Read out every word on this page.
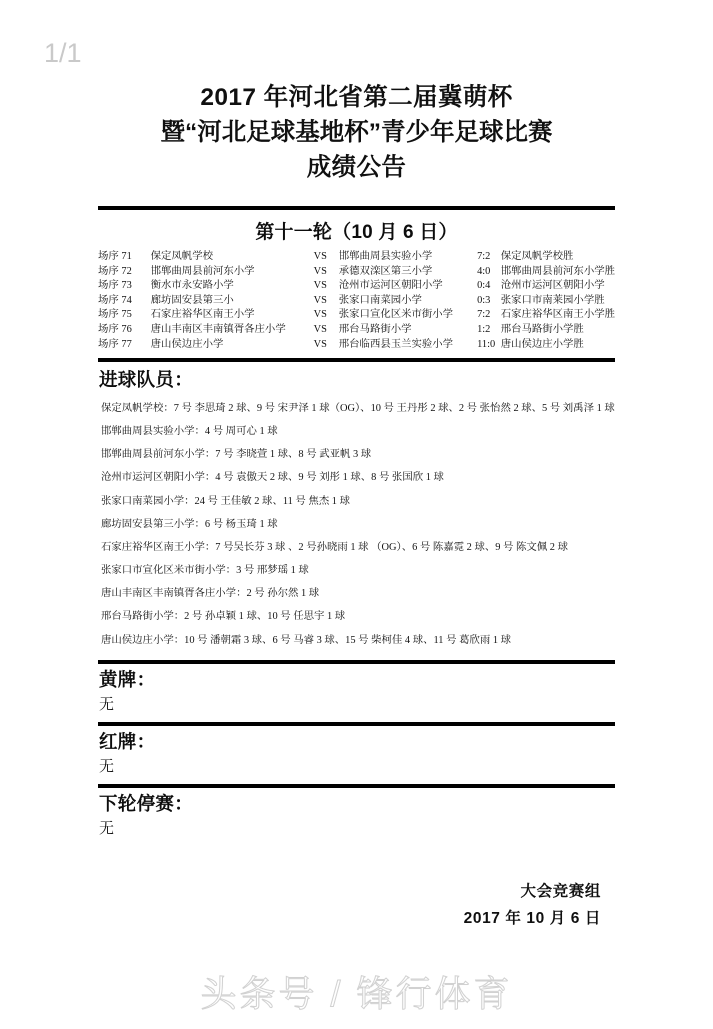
1/1
2017 年河北省第二届冀萌杯
暨“河北足球基地杯”青少年足球比赛
成绩公告
第十一轮（10 月 6 日）
场序 71	保定凤帆学校	VS	邯郸曲周县实验小学	7:2	保定凤帆学校胜
场序 72	邯郸曲周县前河东小学	VS	承德双滦区第三小学	4:0	邯郸曲周县前河东小学胜
场序 73	衡水市永安路小学	VS	沧州市运河区朝阳小学	0:4	沧州市运河区朝阳小学
场序 74	廊坊固安县第三小	VS	张家口南菜园小学	0:3	张家口市南莱园小学胜
场序 75	石家庄裕华区南王小学	VS	张家口宣化区米市街小学	7:2	石家庄裕华区南王小学胜
场序 76	唐山丰南区丰南镇胥各庄小学	VS	邢台马路街小学	1:2	邢台马路街小学胜
场序 77	唐山侯边庄小学	VS	邢台临西县玉兰实验小学	11:0	唐山侯边庄小学胜
进球队员：
保定凤帆学校：7 号 李思琦 2 球、9 号 宋尹泽 1 球（OG）、10 号 王丹彤 2 球、2 号 张怡然 2 球、5 号 刘禹泽 1 球
邯郸曲周县实验小学：4 号 周可心 1 球
邯郸曲周县前河东小学：7 号 李晓萱 1 球、8 号 武亚帆 3 球
沧州市运河区朝阳小学：4 号 袁傲天 2 球、9 号 刘彤 1 球、8 号 张国欣 1 球
张家口南菜园小学：24 号 王佳敏 2 球、11 号 焦杰 1 球
廊坊固安县第三小学：6 号 杨玉琦 1 球
石家庄裕华区南王小学：7 号吴长芬 3 球 、2 号孙晓雨 1 球 （OG）、6 号 陈嘉霓 2 球、9 号 陈文佩 2 球
张家口市宣化区米市街小学：3 号 邢梦瑶 1 球
唐山丰南区丰南镇胥各庄小学：2 号 孙尔然 1 球
邢台马路街小学：2 号 孙卓颖 1 球、10 号 任思宇 1 球
唐山侯边庄小学：10 号 潘朝霜 3 球、6 号 马睿 3 球、15 号 柴柯佳 4 球、11 号 葛欣雨 1 球
黄牌：
无
红牌：
无
下轮停赛：
无
大会竞赛组
2017 年 10 月 6 日
头条号 / 锋行体育
